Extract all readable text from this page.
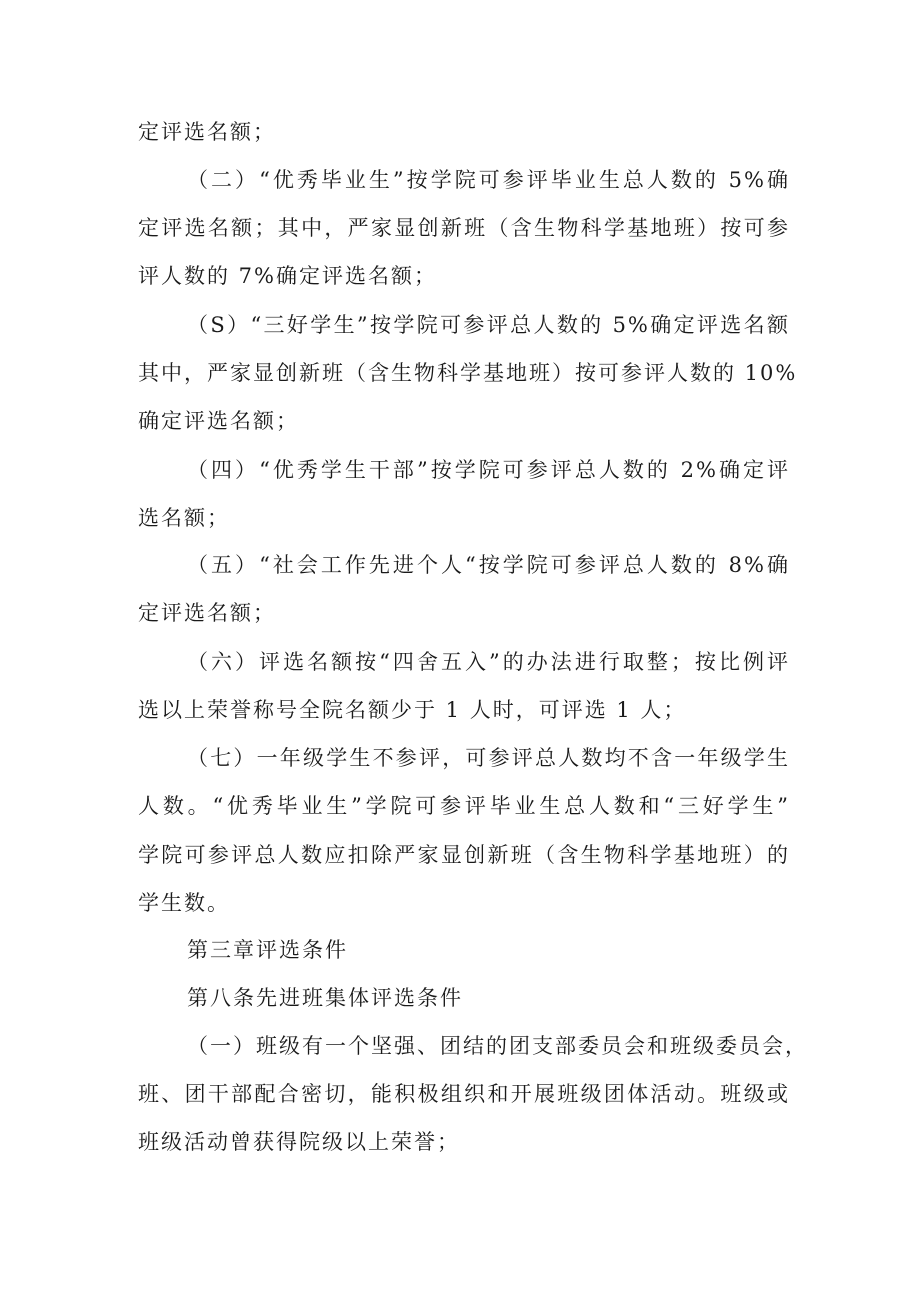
定评选名额；
（二）“优秀毕业生”按学院可参评毕业生总人数的 5%确
定评选名额；其中，严家显创新班（含生物科学基地班）按可参
评人数的 7%确定评选名额；
（S）“三好学生”按学院可参评总人数的 5%确定评选名额
其中，严家显创新班（含生物科学基地班）按可参评人数的 10%
确定评选名额；
（四）“优秀学生干部”按学院可参评总人数的 2%确定评
选名额；
（五）“社会工作先进个人“按学院可参评总人数的 8%确
定评选名额；
（六）评选名额按“四舍五入”的办法进行取整；按比例评
选以上荣誉称号全院名额少于 1 人时，可评选 1 人；
（七）一年级学生不参评，可参评总人数均不含一年级学生
人数。“优秀毕业生”学院可参评毕业生总人数和“三好学生”
学院可参评总人数应扣除严家显创新班（含生物科学基地班）的
学生数。
第三章评选条件
第八条先进班集体评选条件
（一）班级有一个坚强、团结的团支部委员会和班级委员会，
班、团干部配合密切，能积极组织和开展班级团体活动。班级或
班级活动曾获得院级以上荣誉；
